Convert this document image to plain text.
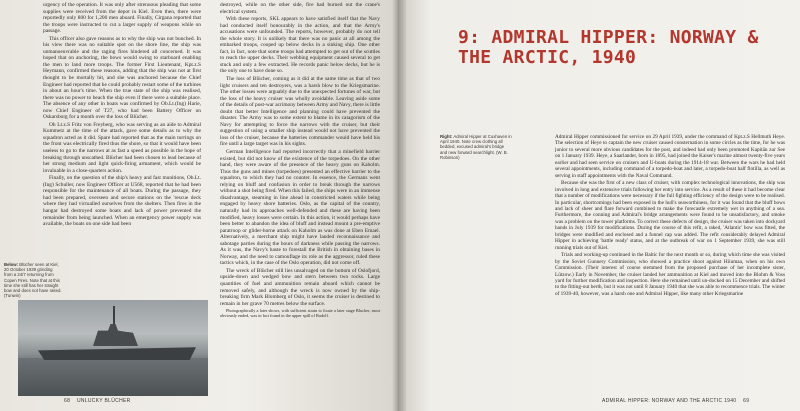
urgency of the operation. It was only after strenuous pleading that some supplies were received from the depot in Kiel. Even then, there were reportedly only 800 for 1,200 men aboard. Finally, Cirgana reported that the troops were instructed to cut a larger supply of weapons while on passage.

This officer also gave reasons as to why the ship was not bunched. In his view there was no suitable spot on the shore line, the ship was unmanoeuvrable and the raging fires hindered all concerned. It was hoped that on anchoring, the bows would swing to starboard enabling the men to land more troops. The former First Lieutenant, Kpt.z.S Heymann, confirmed these reasons, adding that the ship was not at first thought to be mortally hit, and she was anchored because the Chief Engineer had reported that he could probably restart some of the turbines in about an hour's time. When the true state of the ship was realised, there was no power to beach the ship even if there were a suitable place. The absence of any other in boats was confirmed by Ob.Lt.(Ing) Harie, now Chief Engineer of T27, who had been Battery Officer on Oskarsborg for a month over the loss of Blücher.

Oh Lt.z.S Fritz von Freyberg, who was serving as an aide to Admiral Kummetz at the time of the attack, gave some details as to why the squadron acted as it did. Spare had reported that as the main turrings on the front was electrically fired thus the shore, so that it would have been useless to go to the narrows at as fast a speed as possible in the hope of breaking through unscathed. Blücher had been chosen to lead because of her strong medium and light quick-firing armament, which would be invaluable in a close-quarters action.

Finally, on the question of the ship's heavy and fast munitions, Ob.Lt.(Ing) Schuller, now Engineer Officer at U568, reported that he had been responsible for the maintenance of all boats. During the passage, they had been prepared, overseen and secure stations on the 'rescue deck where they had victualled ourselves from the shelters. Then fires in the hangar had destroyed some boats and lack of power prevented the remainder from being launched. When an emergency power supply was available, the boats on one side had been

Below: Blücher seen at Kiel, 20 October 1939 grinding from a 24/7 returning from Copen Fires. Note that at this time she still has her straight bow and does not have raked. (Tunwin)

destroyed, while on the other side, fire had burned out the crane's electrical system.

With these reports, SKL appears to have satisfied itself that the Navy had conducted itself honourably in the action, and that the Army's accusations were unfounded. The reports, however, probably do not tell the whole story. It is unlikely that there was no panic at all among the embarked troops, cooped up below decks in a sinking ship. One other fact, in fact, note that some troops had attempted to get out of the scuttles to reach the upper decks. Their webbing equipment caused several to get stuck and only a few extracted. He records panic below decks, but he is the only one to have done so.

The loss of Blücher, coming as it did at the same time as that of two light cruisers and ten destroyers, was a harsh blow to the Kriegsmarine. The other losses were arguably due to the unexpected fortunes of war, but the loss of the heavy cruiser was wholly avoidable. Leaving aside some of the details of post-war acrimony between Army and Navy, there is little doubt that better Intelligence and planning could have prevented the disaster. The Army was to some extent to blame in its catagorism of the Navy for attempting to force the narrows with the cruiser, but their suggestion of using a smaller ship instead would not have prevented the loss of the cruiser, because the batteries commander would have held his fire until a large target was in his sights.

German Intelligence had reported incorrectly that a minefield barrier existed, but did not know of the existence of the torpedoes. On the other hand, they were aware of the presence of the heavy guns on Kaholm. Thus the guns and mines (torpedoes) presented an effective barrier to the squadron, to which they had no counter. In essence, the Germans went relying on bluff and confusion in order to break through the narrows without a shot being fired. When this failed, the ships were in an immense disadvantage, steaming in line ahead in constricted waters while being engaged by heavy shore batteries. Oslo, as the capital of the country, naturally had its approaches well-defended and these are having been modified, heavy losses were certain. In this action, it would perhaps have been better to abandon the idea of bluff and instead mount a pre-emptive paratroop or glider-borne attack on Kaholm as was done at Eben Emael. Alternatively, a merchant ship might have landed reconnaissance and sabotage parties during the hours of darkness while passing the narrows. As it was, the Navy's haste to forestall the British in obtaining bases in Norway, and the need to camouflage its role as the aggressor, ruled these tactics which, in the case of the Oslo operation, did not come off.

The wreck of Blücher still lies unsalvaged on the bottom of Oslofjord, upside-down and wedged bow and stern between two rocks. Large quantities of fuel and ammunition remain aboard which cannot be removed safely, and although the wreck is now owned by the ship-breaking firm Mark Blomberg of Oslo, it seems the cruiser is destined to remain in her grave 70 metres below the surface.

Photographically a later shows, with sufficient strain to fixate a later stage Blucher, most obviously ended, was in fact found in the upper spill of Rudolf.

68 UNLUCKY BLÜCHER
9: ADMIRAL HIPPER: NORWAY & THE ARCTIC, 1940
Right: Admiral Hipper at Cuxhaven in April 1940. Note crew clothing all bedded, excused admiral's bridge and new forward searchlight. (W. B. Robinson)

Admiral Hipper commissioned for service on 29 April 1939, under the command of Kpt.z.S Hellmuth Heye. The selection of Heye to captain the new cruiser caused consternation in some circles as the time, for he was junior to several more obvious candidates for the post, and indeed had only been promoted Kapitän zur See on 1 January 1939. Heye, a Saarlander, born in 1895, had joined the Kaiser's marine almost twenty-five years earlier and had seen service on cruisers and U-boats during the 1914-18 war. Between the wars he had held several appointments, including command of a torpedo-boat and later, a torpedo-boat half flotilla, as well as serving in staff appointments with the Naval Command.

Because she was the first of a new class of cruiser, with complex technological innovations, the ship was involved in long and extensive trials following her entry into service. As a result of these it had become clear that a number of modifications were necessary if the full fighting efficiency of the design were to be realised. In particular, shortcomings had been exposed in the hull's seaworthiness, for it was found that the bluff bows and lack of sheer and flare forward combined to make the forecastle extremely wet in anything of a sea. Furthermore, the conning and Admiral's bridge arrangements were found to be unsatisfactory, and smoke was a problem on the tower platforms. To correct these defects of design, the cruiser was taken into dockyard hands in July 1939 for modifications. During the course of this refit, a raked, 'Atlantic' bow was fitted, the bridges were modified and enclosed and a funnel cap was added. The refit considerably delayed Admiral Hipper in achieving 'battle ready' status, and at the outbreak of war on 1 September 1939, she was still running trials out of Kiel.

Trials and working-up continued in the Baltic for the next month or so, during which time she was visited by the Soviet Gunnery Commission, who showed a practice shoot against Hiiumaa, when on his own Commission. (Their interest of course stemmed from the proposed purchase of her incomplete sister, Lützow.) Early in November, the cruiser landed her ammunition at Kiel and moved into the Blohm & Voss yard for further modification and inspection. Here she remained until un-docked on 15 December and shifted to the fitting-out berth, but it was not until 8 January 1940 that she was able to recommence trials. The winter of 1939-40, however, was a harsh one and Admiral Hipper, like many other Kriegsmarine

ADMIRAL HIPPER: NORWAY AND THE ARCTIC 1940 69
